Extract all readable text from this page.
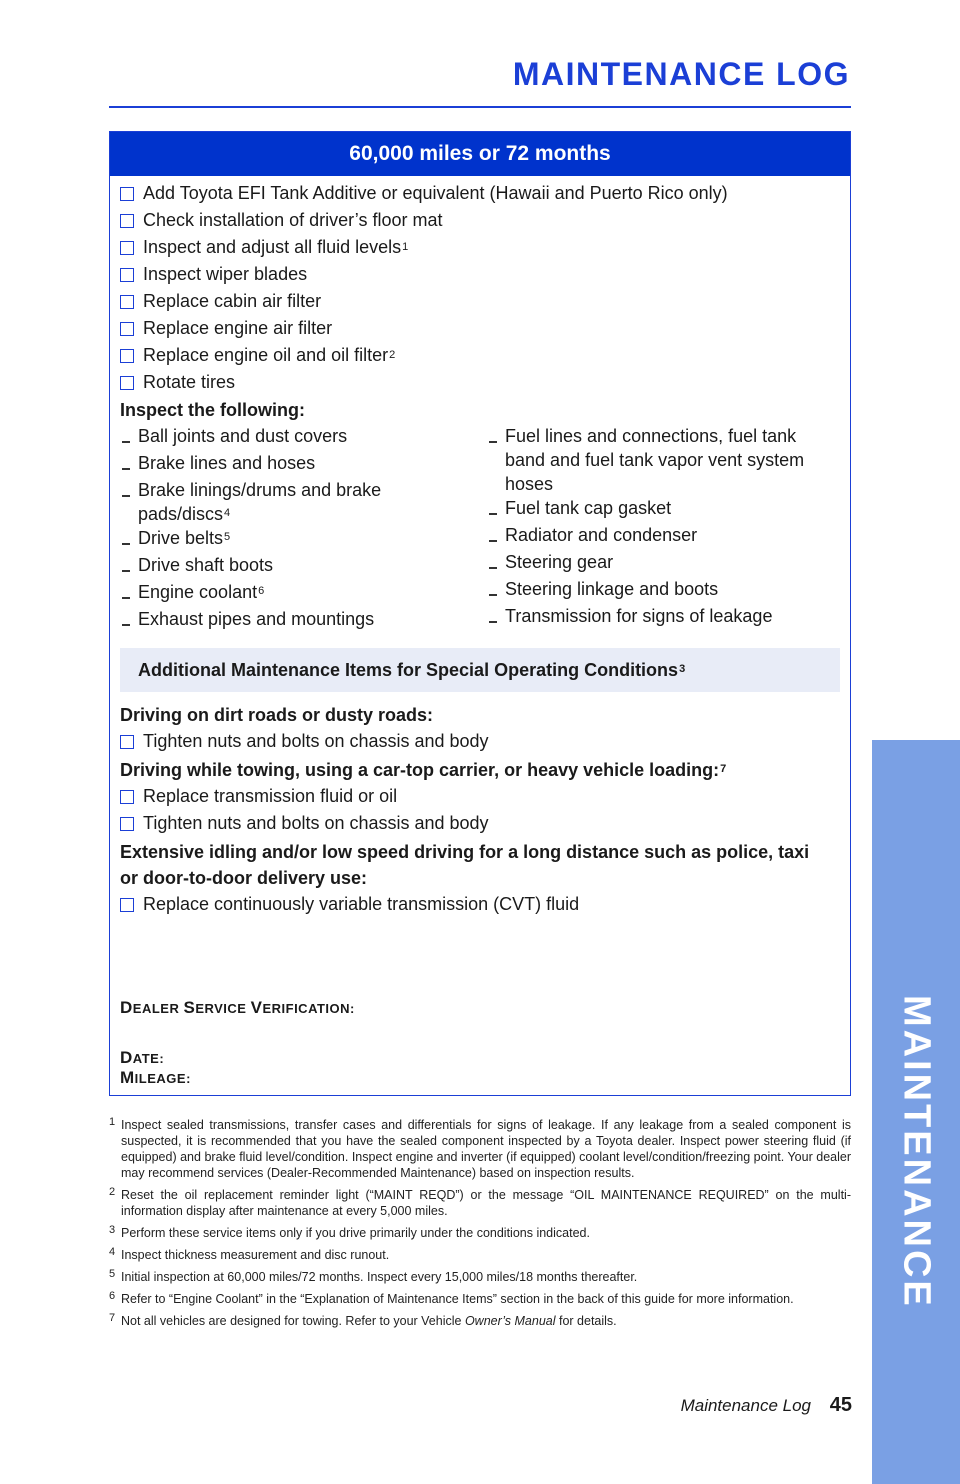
MAINTENANCE LOG
MAINTENANCE
60,000 miles or 72 months
Add Toyota EFI Tank Additive or equivalent (Hawaii and Puerto Rico only)
Check installation of driver’s floor mat
Inspect and adjust all fluid levels$^1$
Inspect wiper blades
Replace cabin air filter
Replace engine air filter
Replace engine oil and oil filter$^2$
Rotate tires
Inspect the following:
Ball joints and dust covers
Brake lines and hoses
Brake linings/drums and brake pads/discs$^4$
Drive belts$^5$
Drive shaft boots
Engine coolant$^6$
Exhaust pipes and mountings
Fuel lines and connections, fuel tank band and fuel tank vapor vent system hoses
Fuel tank cap gasket
Radiator and condenser
Steering gear
Steering linkage and boots
Transmission for signs of leakage
Additional Maintenance Items for Special Operating Conditions$^3$
Driving on dirt roads or dusty roads:
Tighten nuts and bolts on chassis and body
Driving while towing, using a car-top carrier, or heavy vehicle loading:$^7$
Replace transmission fluid or oil
Tighten nuts and bolts on chassis and body
Extensive idling and/or low speed driving for a long distance such as police, taxi or door-to-door delivery use:
Replace continuously variable transmission (CVT) fluid
DEALER SERVICE VERIFICATION:
DATE:
MILEAGE:
1 Inspect sealed transmissions, transfer cases and differentials for signs of leakage. If any leakage from a sealed component is suspected, it is recommended that you have the sealed component inspected by a Toyota dealer. Inspect power steering fluid (if equipped) and brake fluid level/condition. Inspect engine and inverter (if equipped) coolant level/condition/freezing point. Your dealer may recommend services (Dealer-Recommended Maintenance) based on inspection results.
2 Reset the oil replacement reminder light (“MAINT REQD”) or the message “OIL MAINTENANCE REQUIRED” on the multi-information display after maintenance at every 5,000 miles.
3 Perform these service items only if you drive primarily under the conditions indicated.
4 Inspect thickness measurement and disc runout.
5 Initial inspection at 60,000 miles/72 months. Inspect every 15,000 miles/18 months thereafter.
6 Refer to “Engine Coolant” in the “Explanation of Maintenance Items” section in the back of this guide for more information.
7 Not all vehicles are designed for towing. Refer to your Vehicle Owner’s Manual for details.
Maintenance Log 45
